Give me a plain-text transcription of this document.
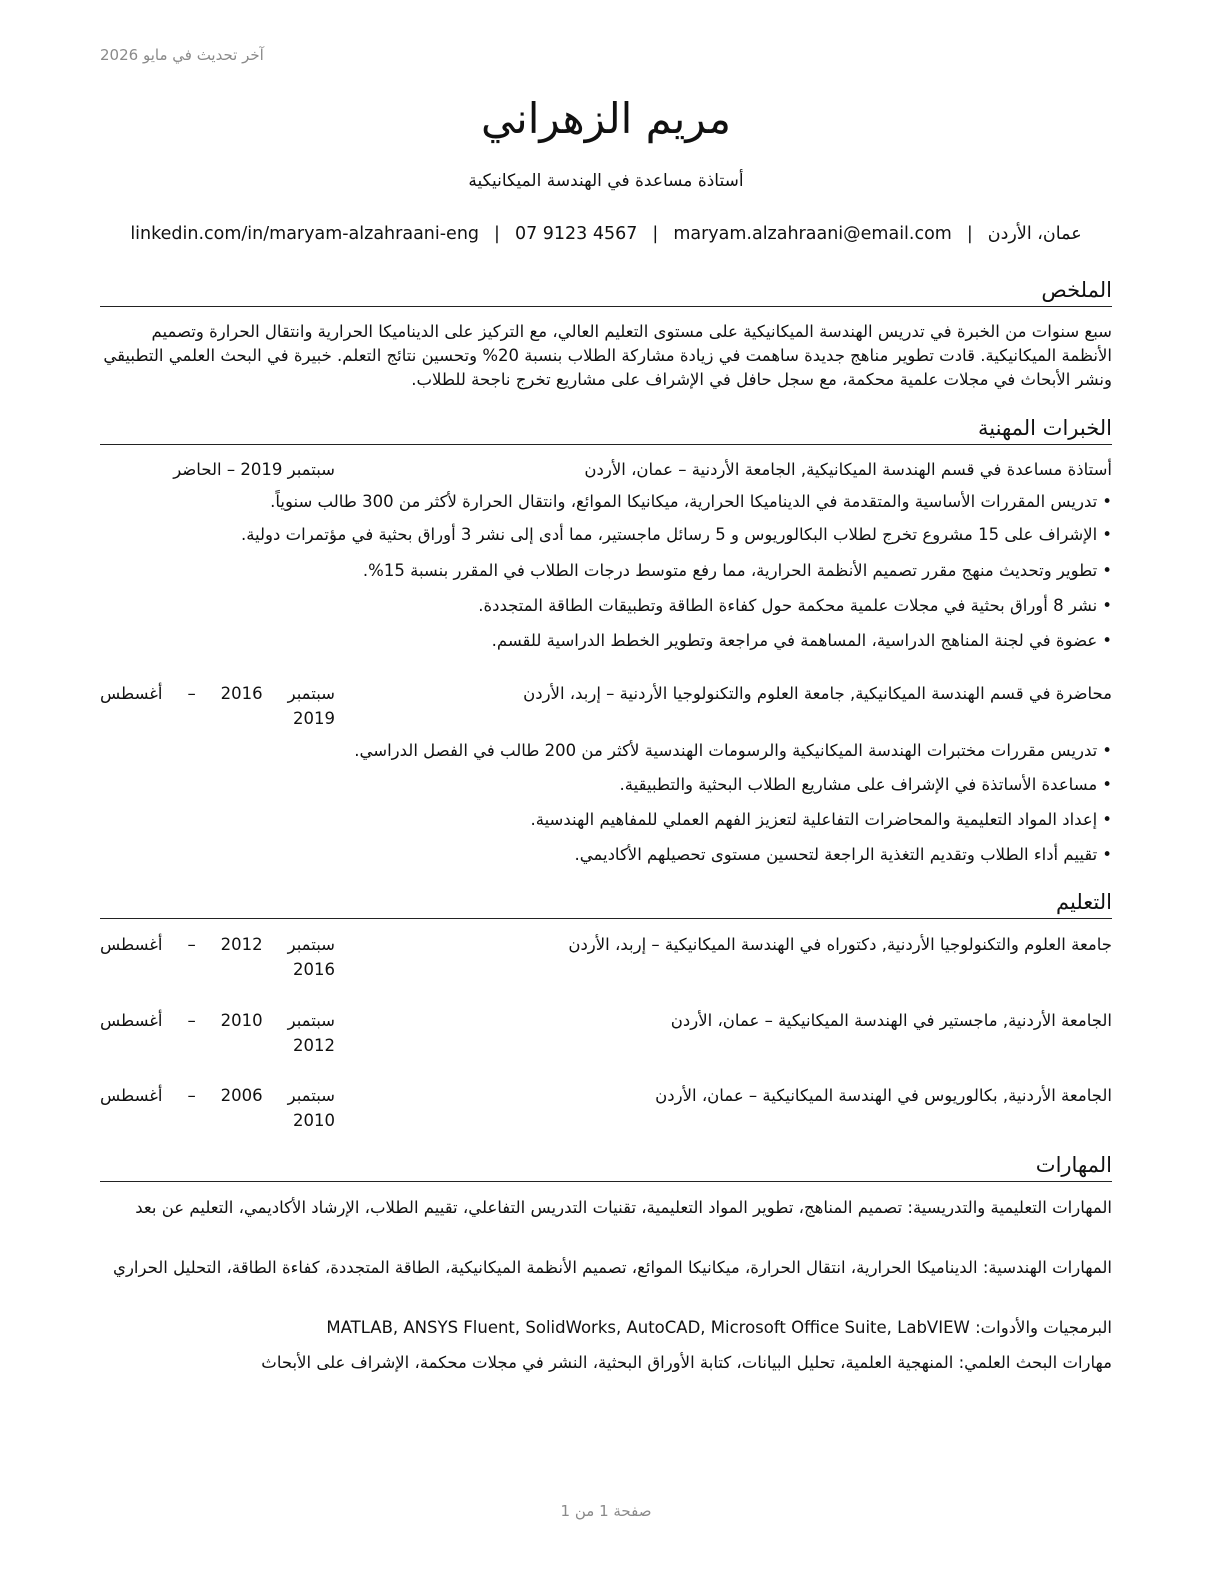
آخر تحديث في مايو 2026
مريم الزهراني
أستاذة مساعدة في الهندسة الميكانيكية
عمان، الأردن|maryam.alzahraani@email.com|07 9123 4567|linkedin.com/in/maryam-alzahraani-eng
الملخص
سبع سنوات من الخبرة في تدريس الهندسة الميكانيكية على مستوى التعليم العالي، مع التركيز على الديناميكا الحرارية وانتقال الحرارة وتصميم الأنظمة الميكانيكية. قادت تطوير مناهج جديدة ساهمت في زيادة مشاركة الطلاب بنسبة 20% وتحسين نتائج التعلم. خبيرة في البحث العلمي التطبيقي ونشر الأبحاث في مجلات علمية محكمة، مع سجل حافل في الإشراف على مشاريع تخرج ناجحة للطلاب.
الخبرات المهنية
أستاذة مساعدة في قسم الهندسة الميكانيكية, الجامعة الأردنية – عمان، الأردن
سبتمبر 2019 – الحاضر
•تدريس المقررات الأساسية والمتقدمة في الديناميكا الحرارية، ميكانيكا الموائع، وانتقال الحرارة لأكثر من 300 طالب سنوياً.
•الإشراف على 15 مشروع تخرج لطلاب البكالوريوس و 5 رسائل ماجستير، مما أدى إلى نشر 3 أوراق بحثية في مؤتمرات دولية.
•تطوير وتحديث منهج مقرر تصميم الأنظمة الحرارية، مما رفع متوسط درجات الطلاب في المقرر بنسبة 15%.
•نشر 8 أوراق بحثية في مجلات علمية محكمة حول كفاءة الطاقة وتطبيقات الطاقة المتجددة.
•عضوة في لجنة المناهج الدراسية، المساهمة في مراجعة وتطوير الخطط الدراسية للقسم.
محاضرة في قسم الهندسة الميكانيكية, جامعة العلوم والتكنولوجيا الأردنية – إربد، الأردن
سبتمبر
2016
–
أغسطس
2019
•تدريس مقررات مختبرات الهندسة الميكانيكية والرسومات الهندسية لأكثر من 200 طالب في الفصل الدراسي.
•مساعدة الأساتذة في الإشراف على مشاريع الطلاب البحثية والتطبيقية.
•إعداد المواد التعليمية والمحاضرات التفاعلية لتعزيز الفهم العملي للمفاهيم الهندسية.
•تقييم أداء الطلاب وتقديم التغذية الراجعة لتحسين مستوى تحصيلهم الأكاديمي.
التعليم
جامعة العلوم والتكنولوجيا الأردنية, دكتوراه في الهندسة الميكانيكية – إربد، الأردن
سبتمبر
2012
–
أغسطس
2016
الجامعة الأردنية, ماجستير في الهندسة الميكانيكية – عمان، الأردن
سبتمبر
2010
–
أغسطس
2012
الجامعة الأردنية, بكالوريوس في الهندسة الميكانيكية – عمان، الأردن
سبتمبر
2006
–
أغسطس
2010
المهارات
المهارات التعليمية والتدريسية: تصميم المناهج، تطوير المواد التعليمية، تقنيات التدريس التفاعلي، تقييم الطلاب، الإرشاد الأكاديمي، التعليم عن بعد
المهارات الهندسية: الديناميكا الحرارية، انتقال الحرارة، ميكانيكا الموائع، تصميم الأنظمة الميكانيكية، الطاقة المتجددة، كفاءة الطاقة، التحليل الحراري
البرمجيات والأدوات: MATLAB, ANSYS Fluent, SolidWorks, AutoCAD, Microsoft Office Suite, LabVIEW
مهارات البحث العلمي: المنهجية العلمية، تحليل البيانات، كتابة الأوراق البحثية، النشر في مجلات محكمة، الإشراف على الأبحاث
صفحة 1 من 1
